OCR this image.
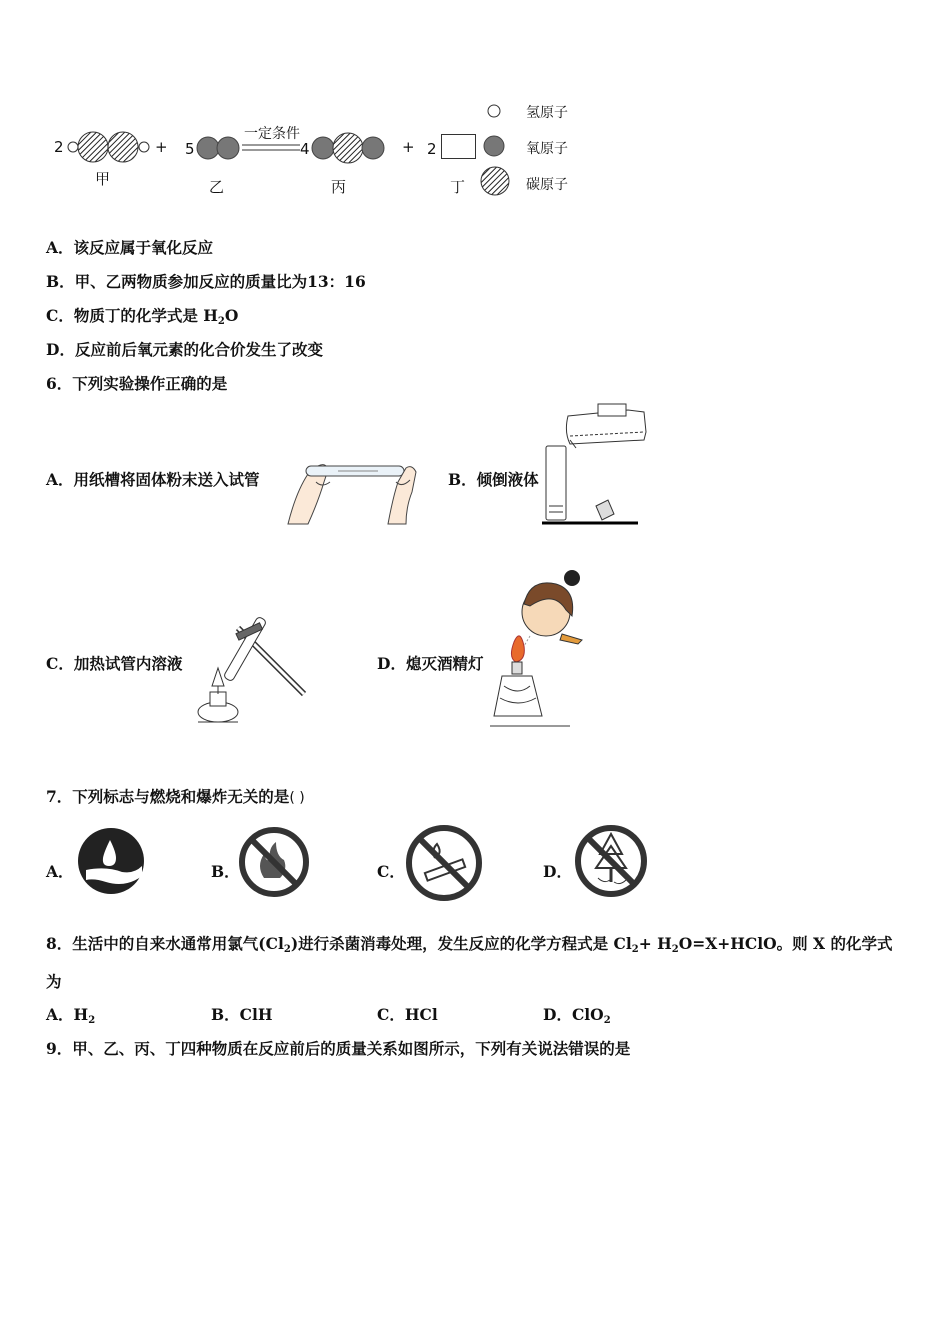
2	+
甲
5
乙
一定条件
4
丙
+ 2
丁
氢原子
氧原子
碳原子
A．该反应属于氧化反应
B．甲、乙两物质参加反应的质量比为13：16
C．物质丁的化学式是 $H_2O$
D．反应前后氧元素的化合价发生了改变
6．下列实验操作正确的是
A．用纸槽将固体粉末送入试管	B．倾倒液体
C．加热试管内溶液	D．熄灭酒精灯
7．下列标志与燃烧和爆炸无关的是( )
A．	B．	C．	D．
8．生活中的自来水通常用氯气$(Cl_2)$进行杀菌消毒处理，发生反应的化学方程式是 $Cl_2+$ $H_2O=X+HClO$。则 X 的化学式
为
A．$H_2$	B．ClH	C．HCl	D．ClO$_2$
9．甲、乙、丙、丁四种物质在反应前后的质量关系如图所示，下列有关说法错误的是
